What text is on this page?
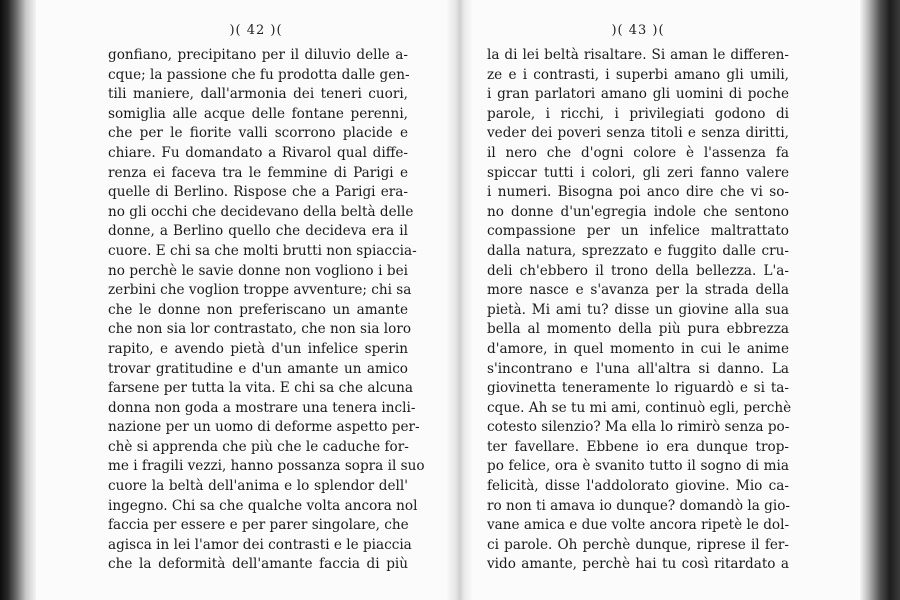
)( 42 )(
gonfiano, precipitano per il diluvio delle a-
cque; la passione che fu prodotta dalle gen-
tili maniere, dall'armonia dei teneri cuori,
somiglia alle acque delle fontane perenni,
che per le fiorite valli scorrono placide e
chiare. Fu domandato a Rivarol qual diffe-
renza ei faceva tra le femmine di Parigi e
quelle di Berlino. Rispose che a Parigi era-
no gli occhi che decidevano della beltà delle
donne, a Berlino quello che decideva era il
cuore. E chi sa che molti brutti non spiaccia-
no perchè le savie donne non vogliono i bei
zerbini che voglion troppe avventure; chi sa
che le donne non preferiscano un amante
che non sia lor contrastato, che non sia loro
rapito, e avendo pietà d'un infelice sperin
trovar gratitudine e d'un amante un amico
farsene per tutta la vita. E chi sa che alcuna
donna non goda a mostrare una tenera incli-
nazione per un uomo di deforme aspetto per-
chè si apprenda che più che le caduche for-
me i fragili vezzi, hanno possanza sopra il suo
cuore la beltà dell'anima e lo splendor dell'
ingegno. Chi sa che qualche volta ancora nol
faccia per essere e per parer singolare, che
agisca in lei l'amor dei contrasti e le piaccia
che la deformità dell'amante faccia di più
)( 43 )(
la di lei beltà risaltare. Si aman le differen-
ze e i contrasti, i superbi amano gli umili,
i gran parlatori amano gli uomini di poche
parole, i ricchi, i privilegiati godono di
veder dei poveri senza titoli e senza diritti,
il nero che d'ogni colore è l'assenza fa
spiccar tutti i colori, gli zeri fanno valere
i numeri. Bisogna poi anco dire che vi so-
no donne d'un'egregia indole che sentono
compassione per un infelice maltrattato
dalla natura, sprezzato e fuggito dalle cru-
deli ch'ebbero il trono della bellezza. L'a-
more nasce e s'avanza per la strada della
pietà. Mi ami tu? disse un giovine alla sua
bella al momento della più pura ebbrezza
d'amore, in quel momento in cui le anime
s'incontrano e l'una all'altra si danno. La
giovinetta teneramente lo riguardò e si ta-
cque. Ah se tu mi ami, continuò egli, perchè
cotesto silenzio? Ma ella lo rimirò senza po-
ter favellare. Ebbene io era dunque trop-
po felice, ora è svanito tutto il sogno di mia
felicità, disse l'addolorato giovine. Mio ca-
ro non ti amava io dunque? domandò la gio-
vane amica e due volte ancora ripetè le dol-
ci parole. Oh perchè dunque, riprese il fer-
vido amante, perchè hai tu così ritardato a
